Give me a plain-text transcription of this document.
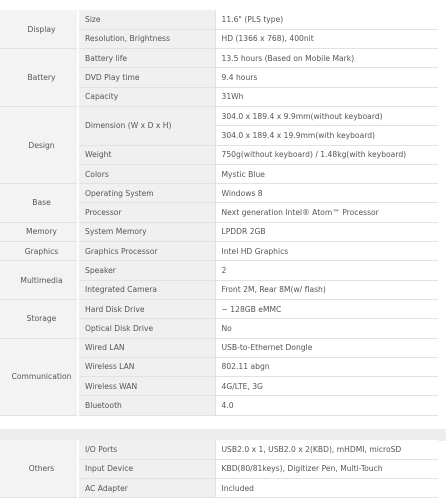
Display	Size	11.6" (PLS type)
	Resolution, Brightness	HD (1366 x 768), 400nit
Battery	Battery life	13.5 hours (Based on Mobile Mark)
	DVD Play time	9.4 hours
	Capacity	31Wh
Design	Dimension (W x D x H)	304.0 x 189.4 x 9.9mm(without keyboard)
		304.0 x 189.4 x 19.9mm(with keyboard)
	Weight	750g(without keyboard) / 1.48kg(with keyboard)
	Colors	Mystic Blue
Base	Operating System	Windows 8
	Processor	Next generation Intel® Atom™ Processor
Memory	System Memory	LPDDR 2GB
Graphics	Graphics Processor	Intel HD Graphics
Multimedia	Speaker	2
	Integrated Camera	Front 2M, Rear 8M(w/ flash)
Storage	Hard Disk Drive	~ 128GB eMMC
	Optical Disk Drive	No
Communication	Wired LAN	USB-to-Ethernet Dongle
	Wireless LAN	802.11 abgn
	Wireless WAN	4G/LTE, 3G
	Bluetooth	4.0
Others	I/O Ports	USB2.0 x 1, USB2.0 x 2(KBD), mHDMI, microSD
	Input Device	KBD(80/81keys), Digitizer Pen, Multi-Touch
	AC Adapter	Included
